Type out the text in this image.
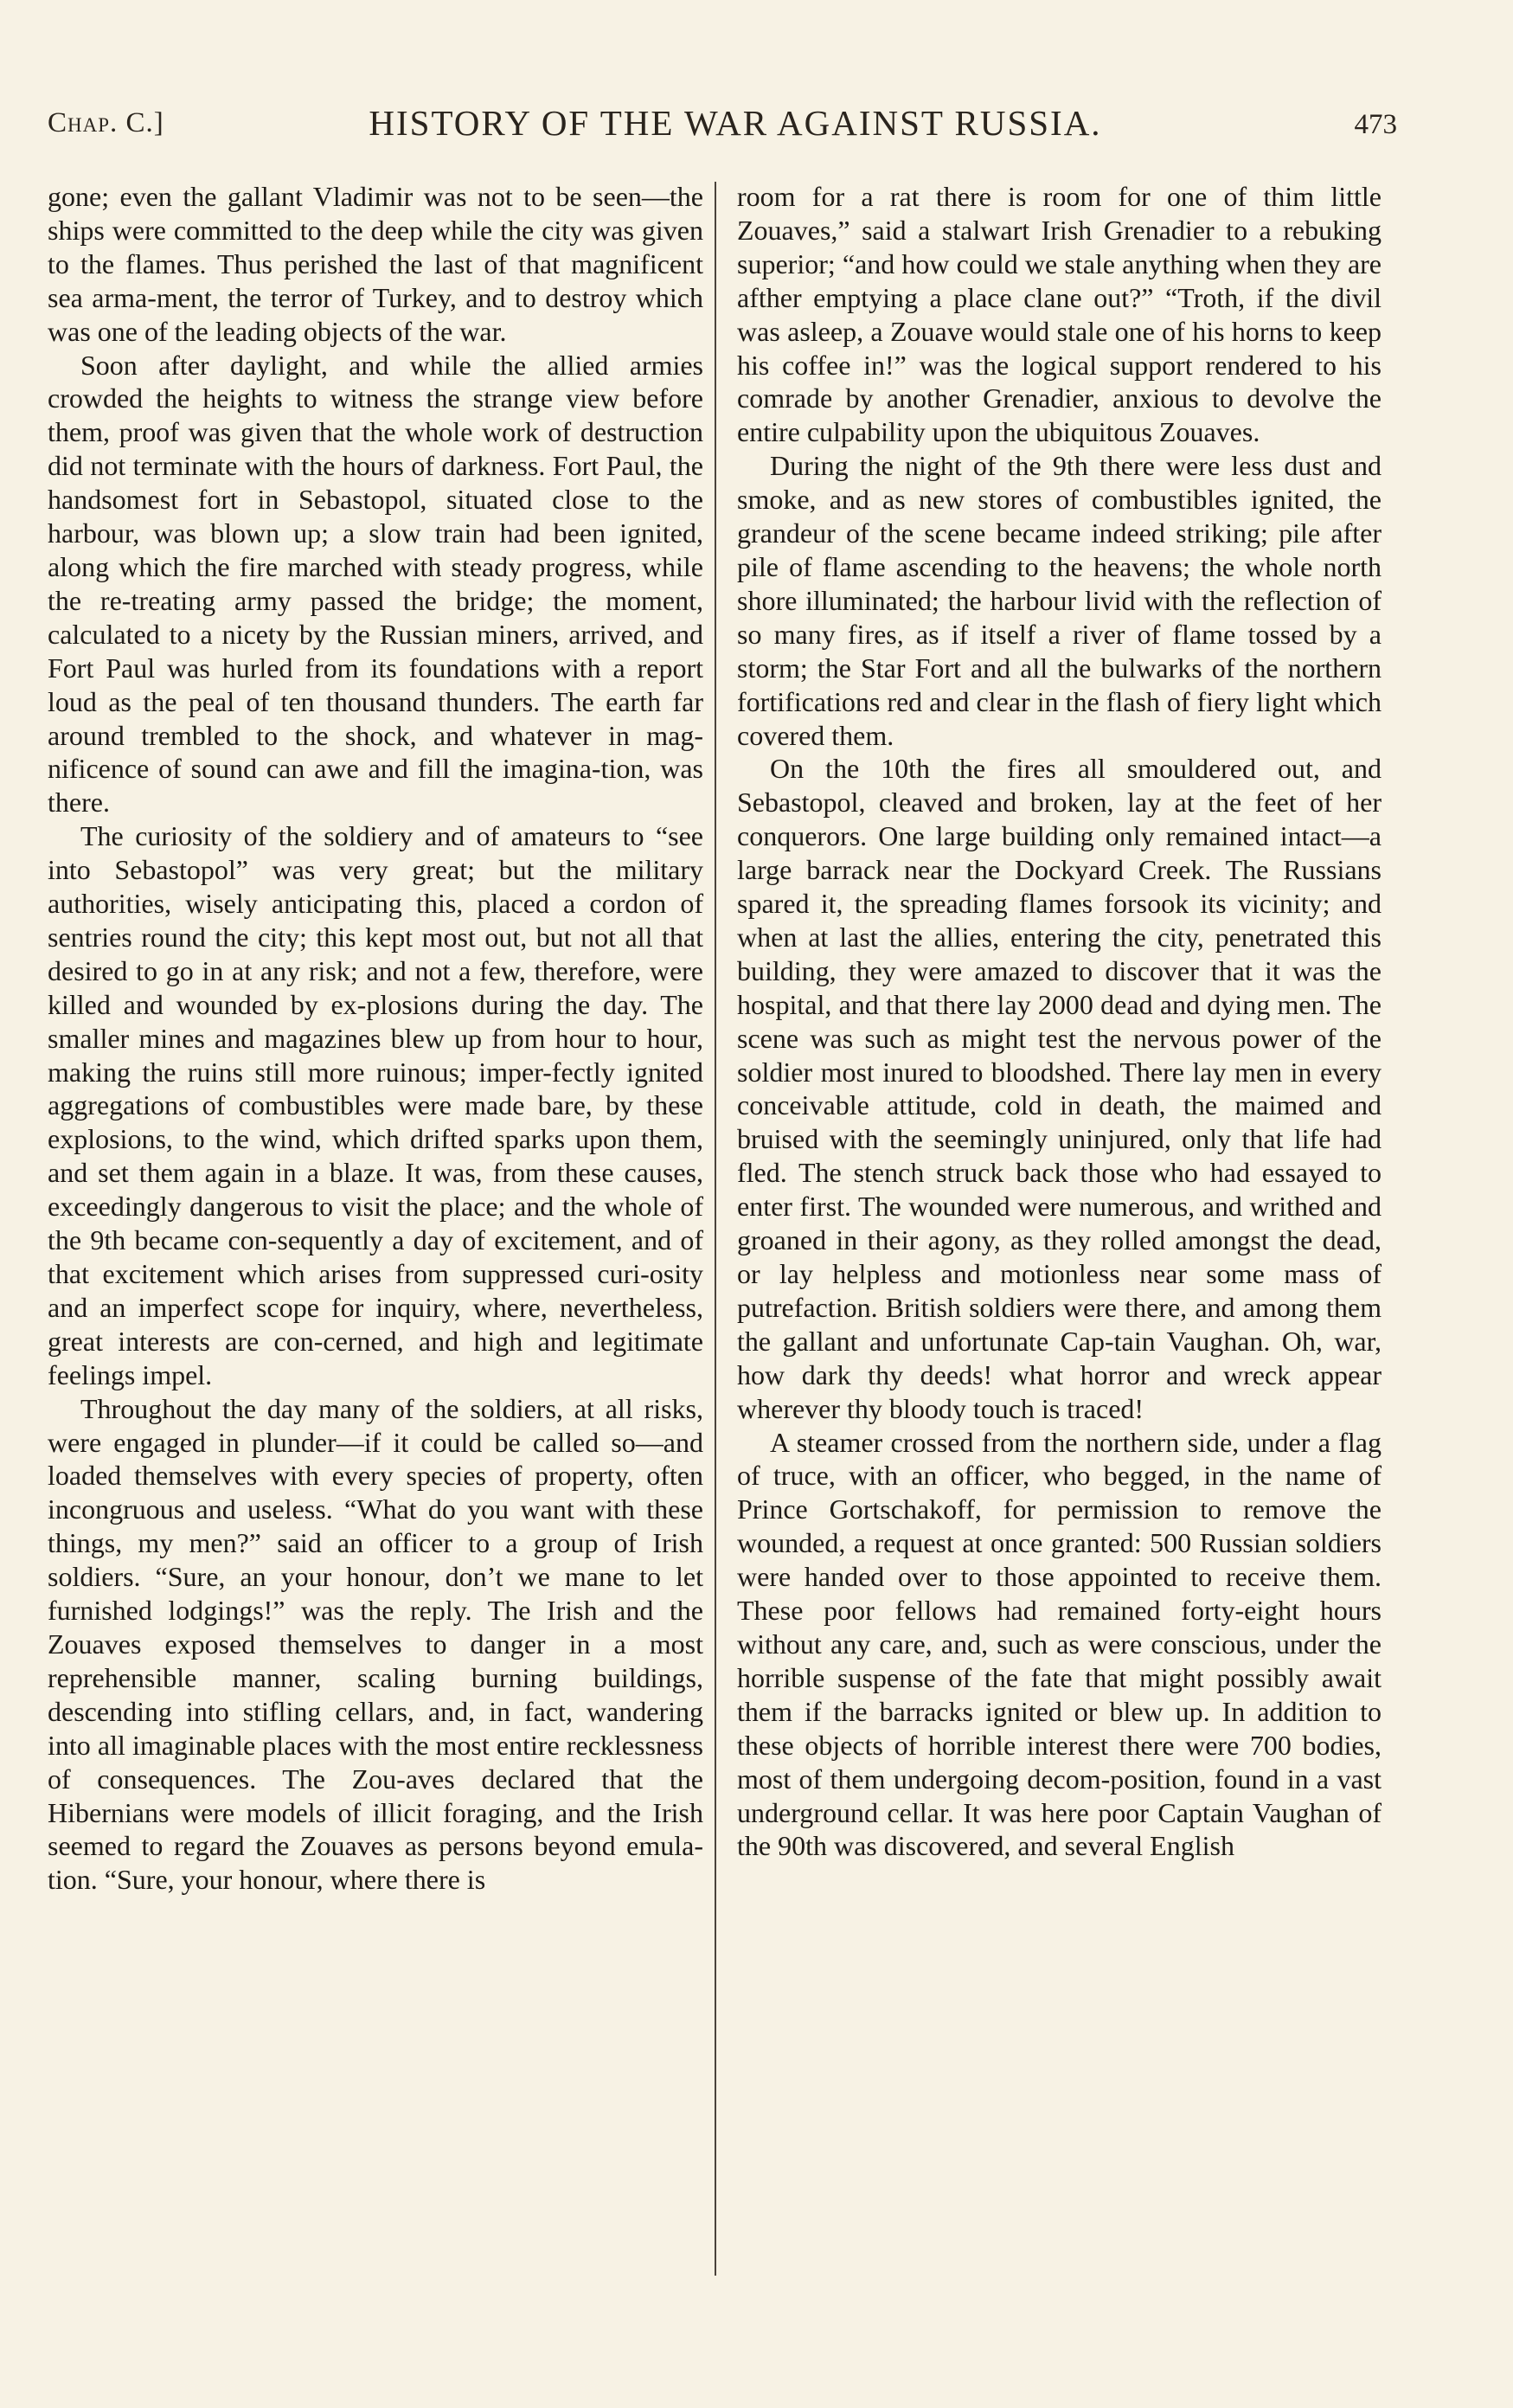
Chap. C.]	HISTORY OF THE WAR AGAINST RUSSIA.	473

gone; even the gallant Vladimir was not to be seen—the ships were committed to the deep while the city was given to the flames. Thus perished the last of that magnificent sea arma-ment, the terror of Turkey, and to destroy which was one of the leading objects of the war.

Soon after daylight, and while the allied armies crowded the heights to witness the strange view before them, proof was given that the whole work of destruction did not terminate with the hours of darkness. Fort Paul, the handsomest fort in Sebastopol, situated close to the harbour, was blown up; a slow train had been ignited, along which the fire marched with steady progress, while the re-treating army passed the bridge; the moment, calculated to a nicety by the Russian miners, arrived, and Fort Paul was hurled from its foundations with a report loud as the peal of ten thousand thunders. The earth far around trembled to the shock, and whatever in mag-nificence of sound can awe and fill the imagina-tion, was there.

The curiosity of the soldiery and of amateurs to “see into Sebastopol” was very great; but the military authorities, wisely anticipating this, placed a cordon of sentries round the city; this kept most out, but not all that desired to go in at any risk; and not a few, therefore, were killed and wounded by ex-plosions during the day. The smaller mines and magazines blew up from hour to hour, making the ruins still more ruinous; imper-fectly ignited aggregations of combustibles were made bare, by these explosions, to the wind, which drifted sparks upon them, and set them again in a blaze. It was, from these causes, exceedingly dangerous to visit the place; and the whole of the 9th became con-sequently a day of excitement, and of that excitement which arises from suppressed curi-osity and an imperfect scope for inquiry, where, nevertheless, great interests are con-cerned, and high and legitimate feelings impel.

Throughout the day many of the soldiers, at all risks, were engaged in plunder—if it could be called so—and loaded themselves with every species of property, often incongruous and useless. “What do you want with these things, my men?” said an officer to a group of Irish soldiers. “Sure, an your honour, don’t we mane to let furnished lodgings!” was the reply. The Irish and the Zouaves exposed themselves to danger in a most reprehensible manner, scaling burning buildings, descending into stifling cellars, and, in fact, wandering into all imaginable places with the most entire recklessness of consequences. The Zou-aves declared that the Hibernians were models of illicit foraging, and the Irish seemed to regard the Zouaves as persons beyond emula-tion. “Sure, your honour, where there is

room for a rat there is room for one of thim little Zouaves,” said a stalwart Irish Grenadier to a rebuking superior; “and how could we stale anything when they are afther emptying a place clane out?” “Troth, if the divil was asleep, a Zouave would stale one of his horns to keep his coffee in!” was the logical support rendered to his comrade by another Grenadier, anxious to devolve the entire culpability upon the ubiquitous Zouaves.

During the night of the 9th there were less dust and smoke, and as new stores of combustibles ignited, the grandeur of the scene became indeed striking; pile after pile of flame ascending to the heavens; the whole north shore illuminated; the harbour livid with the reflection of so many fires, as if itself a river of flame tossed by a storm; the Star Fort and all the bulwarks of the northern fortifications red and clear in the flash of fiery light which covered them.

On the 10th the fires all smouldered out, and Sebastopol, cleaved and broken, lay at the feet of her conquerors. One large building only remained intact—a large barrack near the Dockyard Creek. The Russians spared it, the spreading flames forsook its vicinity; and when at last the allies, entering the city, penetrated this building, they were amazed to discover that it was the hospital, and that there lay 2000 dead and dying men. The scene was such as might test the nervous power of the soldier most inured to bloodshed. There lay men in every conceivable attitude, cold in death, the maimed and bruised with the seemingly uninjured, only that life had fled. The stench struck back those who had essayed to enter first. The wounded were numerous, and writhed and groaned in their agony, as they rolled amongst the dead, or lay helpless and motionless near some mass of putrefaction. British soldiers were there, and among them the gallant and unfortunate Cap-tain Vaughan. Oh, war, how dark thy deeds! what horror and wreck appear wherever thy bloody touch is traced!

A steamer crossed from the northern side, under a flag of truce, with an officer, who begged, in the name of Prince Gortschakoff, for permission to remove the wounded, a request at once granted: 500 Russian soldiers were handed over to those appointed to receive them. These poor fellows had remained forty-eight hours without any care, and, such as were conscious, under the horrible suspense of the fate that might possibly await them if the barracks ignited or blew up. In addition to these objects of horrible interest there were 700 bodies, most of them undergoing decom-position, found in a vast underground cellar. It was here poor Captain Vaughan of the 90th was discovered, and several English
